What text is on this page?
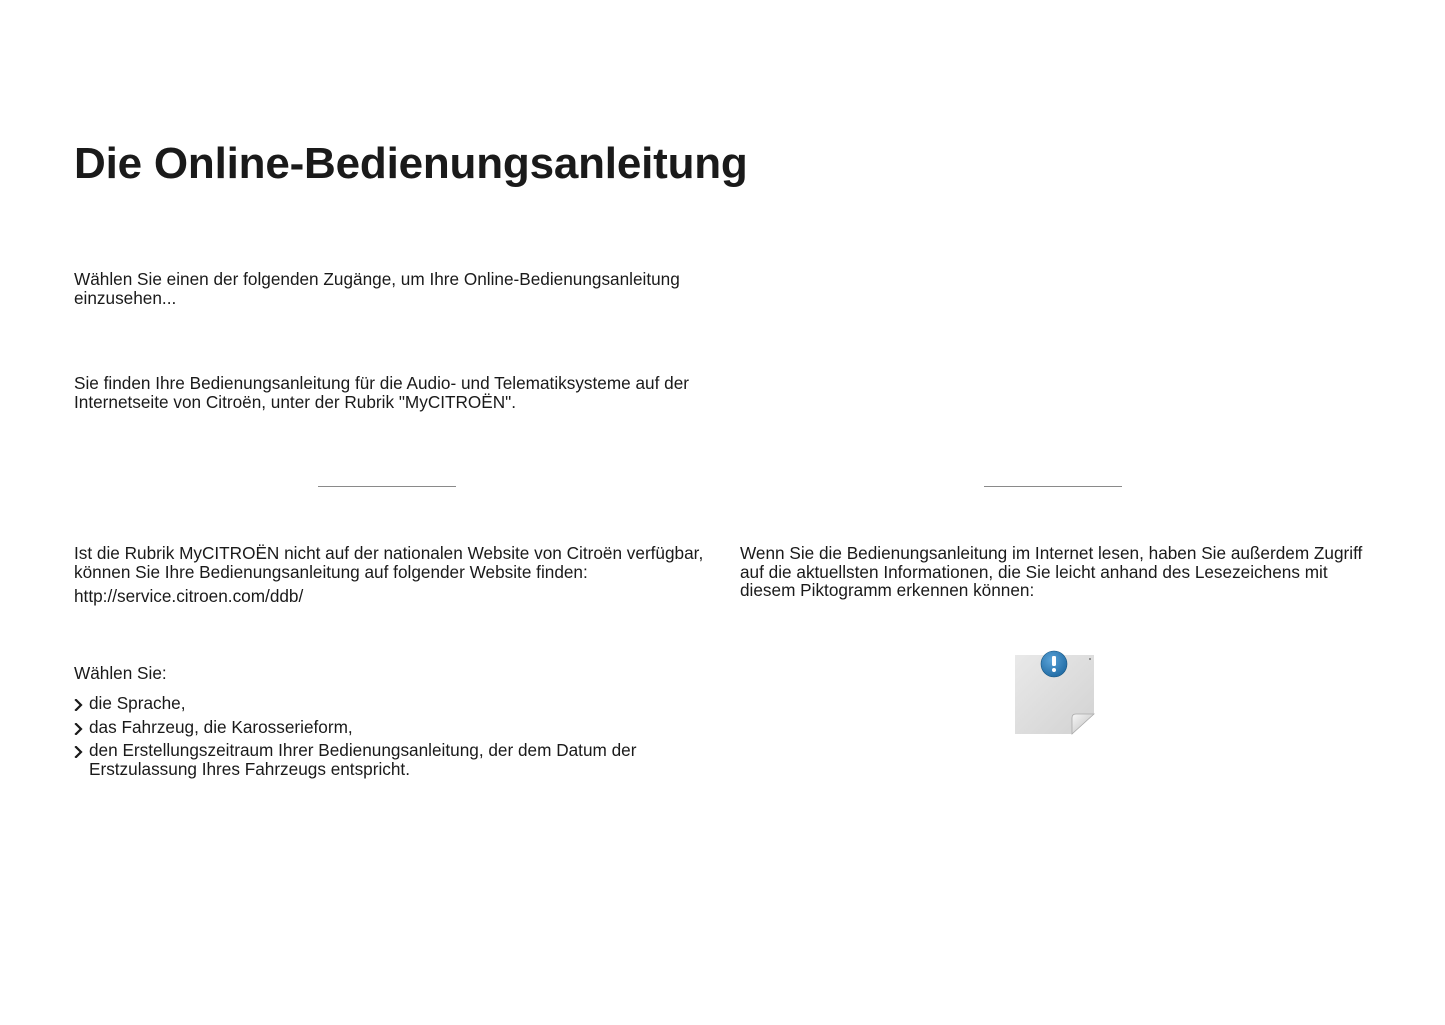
Die Online-Bedienungsanleitung

Wählen Sie einen der folgenden Zugänge, um Ihre Online-Bedienungsanleitung einzusehen...

Sie finden Ihre Bedienungsanleitung für die Audio- und Telematiksysteme auf der Internetseite von Citroën, unter der Rubrik "MyCITROËN".

Ist die Rubrik MyCITROËN nicht auf der nationalen Website von Citroën verfügbar, können Sie Ihre Bedienungsanleitung auf folgender Website finden:

http://service.citroen.com/ddb/

Wählen Sie:

die Sprache,
das Fahrzeug, die Karosserieform,
den Erstellungszeitraum Ihrer Bedienungsanleitung, der dem Datum der Erstzulassung Ihres Fahrzeugs entspricht.

Wenn Sie die Bedienungsanleitung im Internet lesen, haben Sie außerdem Zugriff auf die aktuellsten Informationen, die Sie leicht anhand des Lesezeichens mit diesem Piktogramm erkennen können:
